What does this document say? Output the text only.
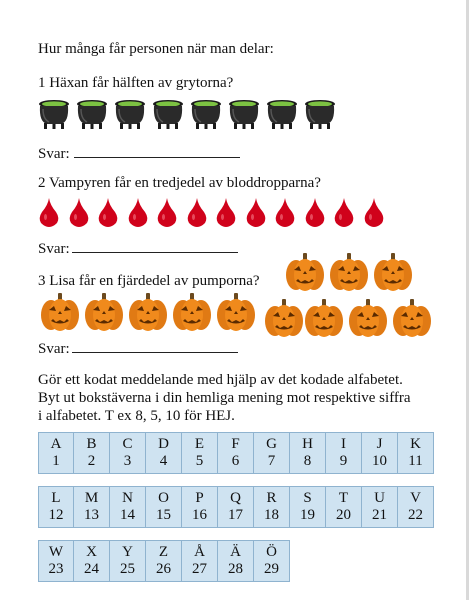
Hur många får personen när man delar:
1 Häxan får hälften av grytorna?
Svar:
2 Vampyren får en tredjedel av bloddropparna?
Svar:
3 Lisa får en fjärdedel av pumporna?
Svar:
Gör ett kodat meddelande med hjälp av det kodade alfabetet. Byt ut bokstäverna i din hemliga mening mot respektive siffra i alfabetet. T ex 8, 5, 10 för HEJ.
A
1
B
2
C
3
D
4
E
5
F
6
G
7
H
8
I
9
J
10
K
11
L
12
M
13
N
14
O
15
P
16
Q
17
R
18
S
19
T
20
U
21
V
22
W
23
X
24
Y
25
Z
26
Å
27
Ä
28
Ö
29
